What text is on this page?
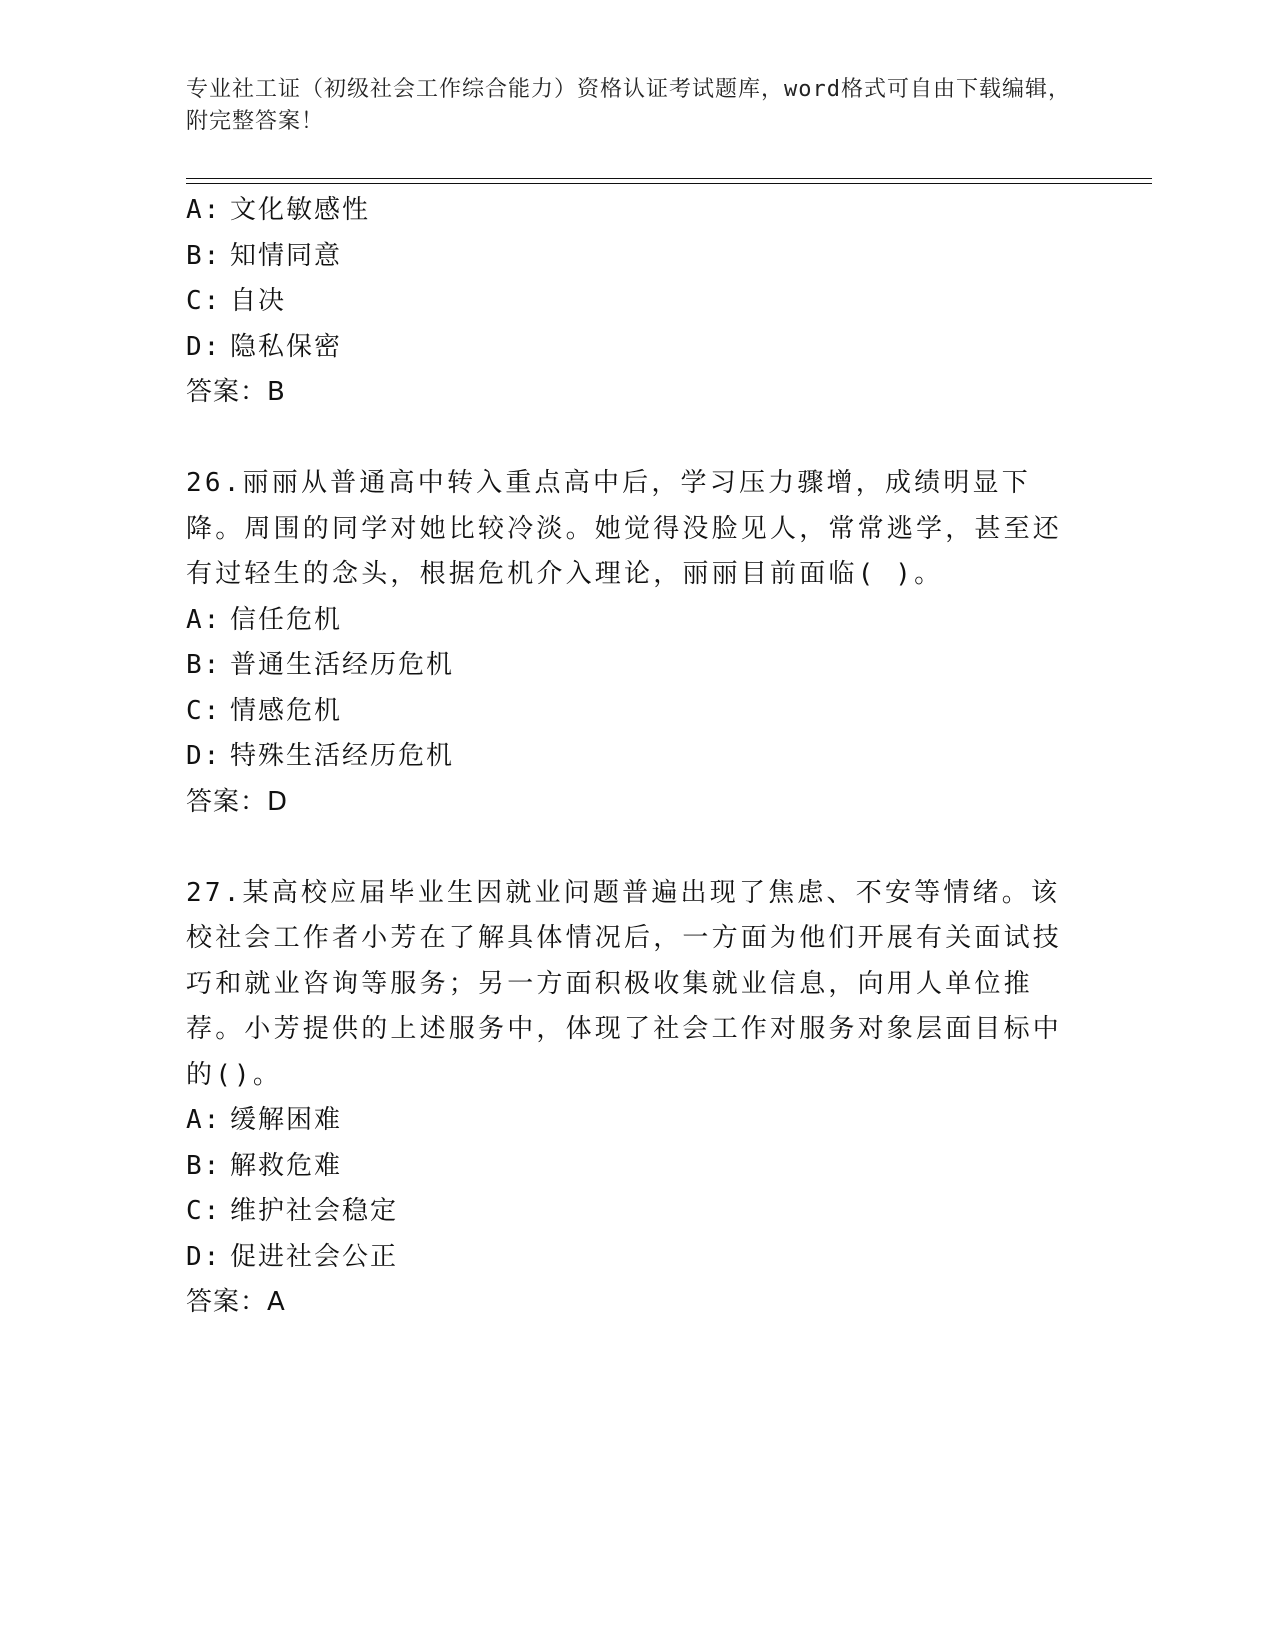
专业社工证（初级社会工作综合能力）资格认证考试题库，word格式可自由下载编辑，附完整答案！
A: 文化敏感性
B: 知情同意
C: 自决
D: 隐私保密
答案：B
26.丽丽从普通高中转入重点高中后，学习压力骤增，成绩明显下降。周围的同学对她比较冷淡。她觉得没脸见人，常常逃学，甚至还有过轻生的念头，根据危机介入理论，丽丽目前面临( )。
A: 信任危机
B: 普通生活经历危机
C: 情感危机
D: 特殊生活经历危机
答案：D
27.某高校应届毕业生因就业问题普遍出现了焦虑、不安等情绪。该校社会工作者小芳在了解具体情况后，一方面为他们开展有关面试技巧和就业咨询等服务；另一方面积极收集就业信息，向用人单位推荐。小芳提供的上述服务中，体现了社会工作对服务对象层面目标中的()。
A: 缓解困难
B: 解救危难
C: 维护社会稳定
D: 促进社会公正
答案：A
